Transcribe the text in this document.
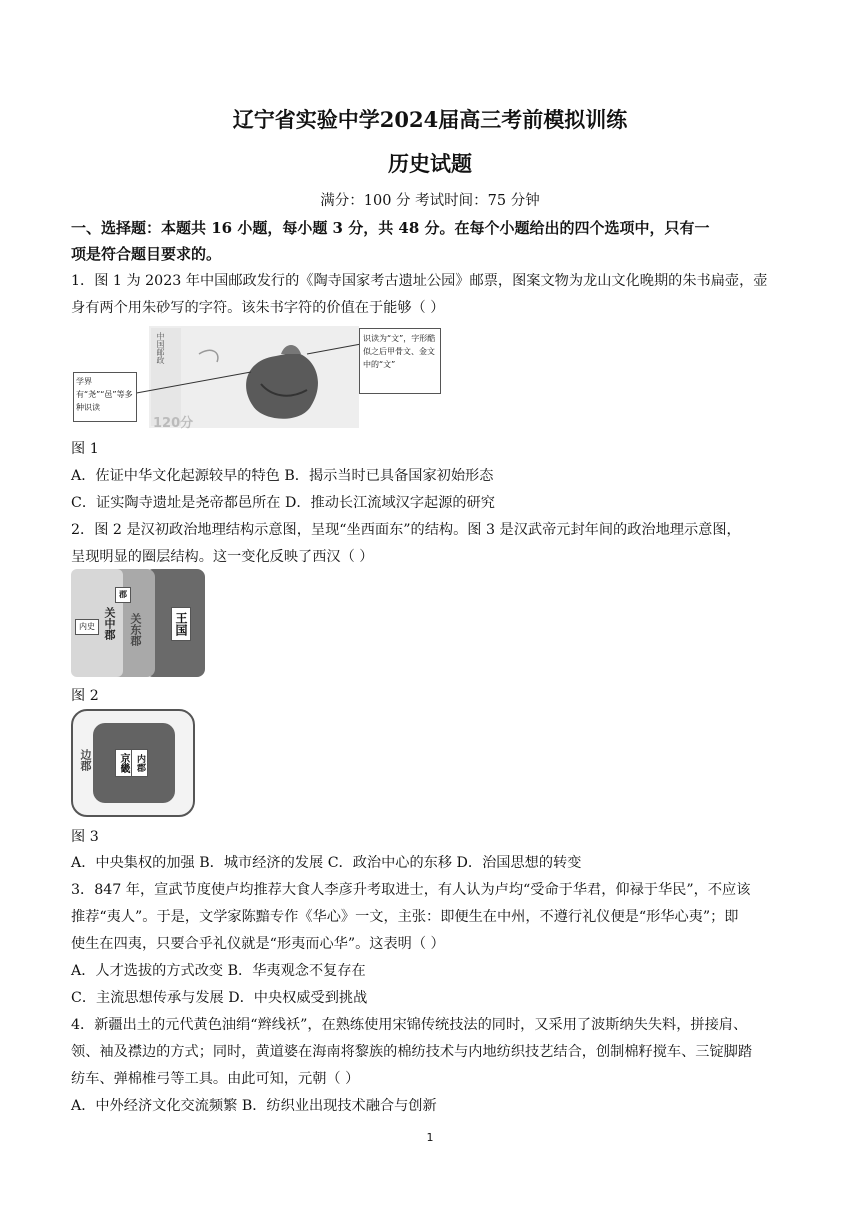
辽宁省实验中学2024届高三考前模拟训练
历史试题
满分：100 分 考试时间：75 分钟
一、选择题：本题共 16 小题，每小题 3 分，共 48 分。在每个小题给出的四个选项中，只有一
项是符合题目要求的。
1．图 1 为 2023 年中国邮政发行的《陶寺国家考古遗址公园》邮票，图案文物为龙山文化晚期的朱书扁壶，壶
身有两个用朱砂写的字符。该朱书字符的价值在于能够（ ）
中国邮政
120分
学界有“尧”“邑”等多种识读
识读为“文”，字形酷似之后甲骨文、金文中的“文”
图 1
A．佐证中华文化起源较早的特色 B．揭示当时已具备国家初始形态
C．证实陶寺遗址是尧帝都邑所在 D．推动长江流域汉字起源的研究
2．图 2 是汉初政治地理结构示意图，呈现“坐西面东”的结构。图 3 是汉武帝元封年间的政治地理示意图，
呈现明显的圈层结构。这一变化反映了西汉（ ）
内史 关中郡
郡
关东郡	王国
图 2
边郡	京畿 内郡
图 3
A．中央集权的加强 B．城市经济的发展 C．政治中心的东移 D．治国思想的转变
3．847 年，宣武节度使卢均推荐大食人李彦升考取进士，有人认为卢均“受命于华君，仰禄于华民”，不应该
推荐“夷人”。于是，文学家陈黯专作《华心》一文，主张：即便生在中州，不遵行礼仪便是“形华心夷”；即
使生在四夷，只要合乎礼仪就是“形夷而心华”。这表明（ ）
A．人才选拔的方式改变 B．华夷观念不复存在
C．主流思想传承与发展 D．中央权威受到挑战
4．新疆出土的元代黄色油绢“辫线袄”，在熟练使用宋锦传统技法的同时，又采用了波斯纳失失料，拼接肩、
领、袖及襟边的方式；同时，黄道婆在海南将黎族的棉纺技术与内地纺织技艺结合，创制棉籽搅车、三锭脚踏
纺车、弹棉椎弓等工具。由此可知，元朝（ ）
A．中外经济文化交流频繁 B．纺织业出现技术融合与创新
1
